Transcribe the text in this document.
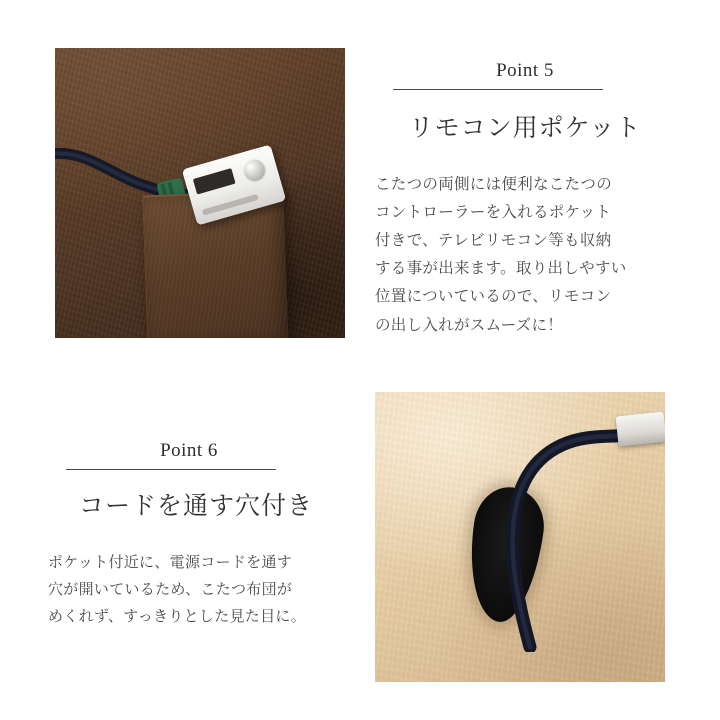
Point 5
リモコン用ポケット
こたつの両側には便利なこたつの
コントローラーを入れるポケット
付きで、テレビリモコン等も収納
する事が出来ます。取り出しやすい
位置についているので、リモコン
の出し入れがスムーズに！
Point 6
コードを通す穴付き
ポケット付近に、電源コードを通す
穴が開いているため、こたつ布団が
めくれず、すっきりとした見た目に。
